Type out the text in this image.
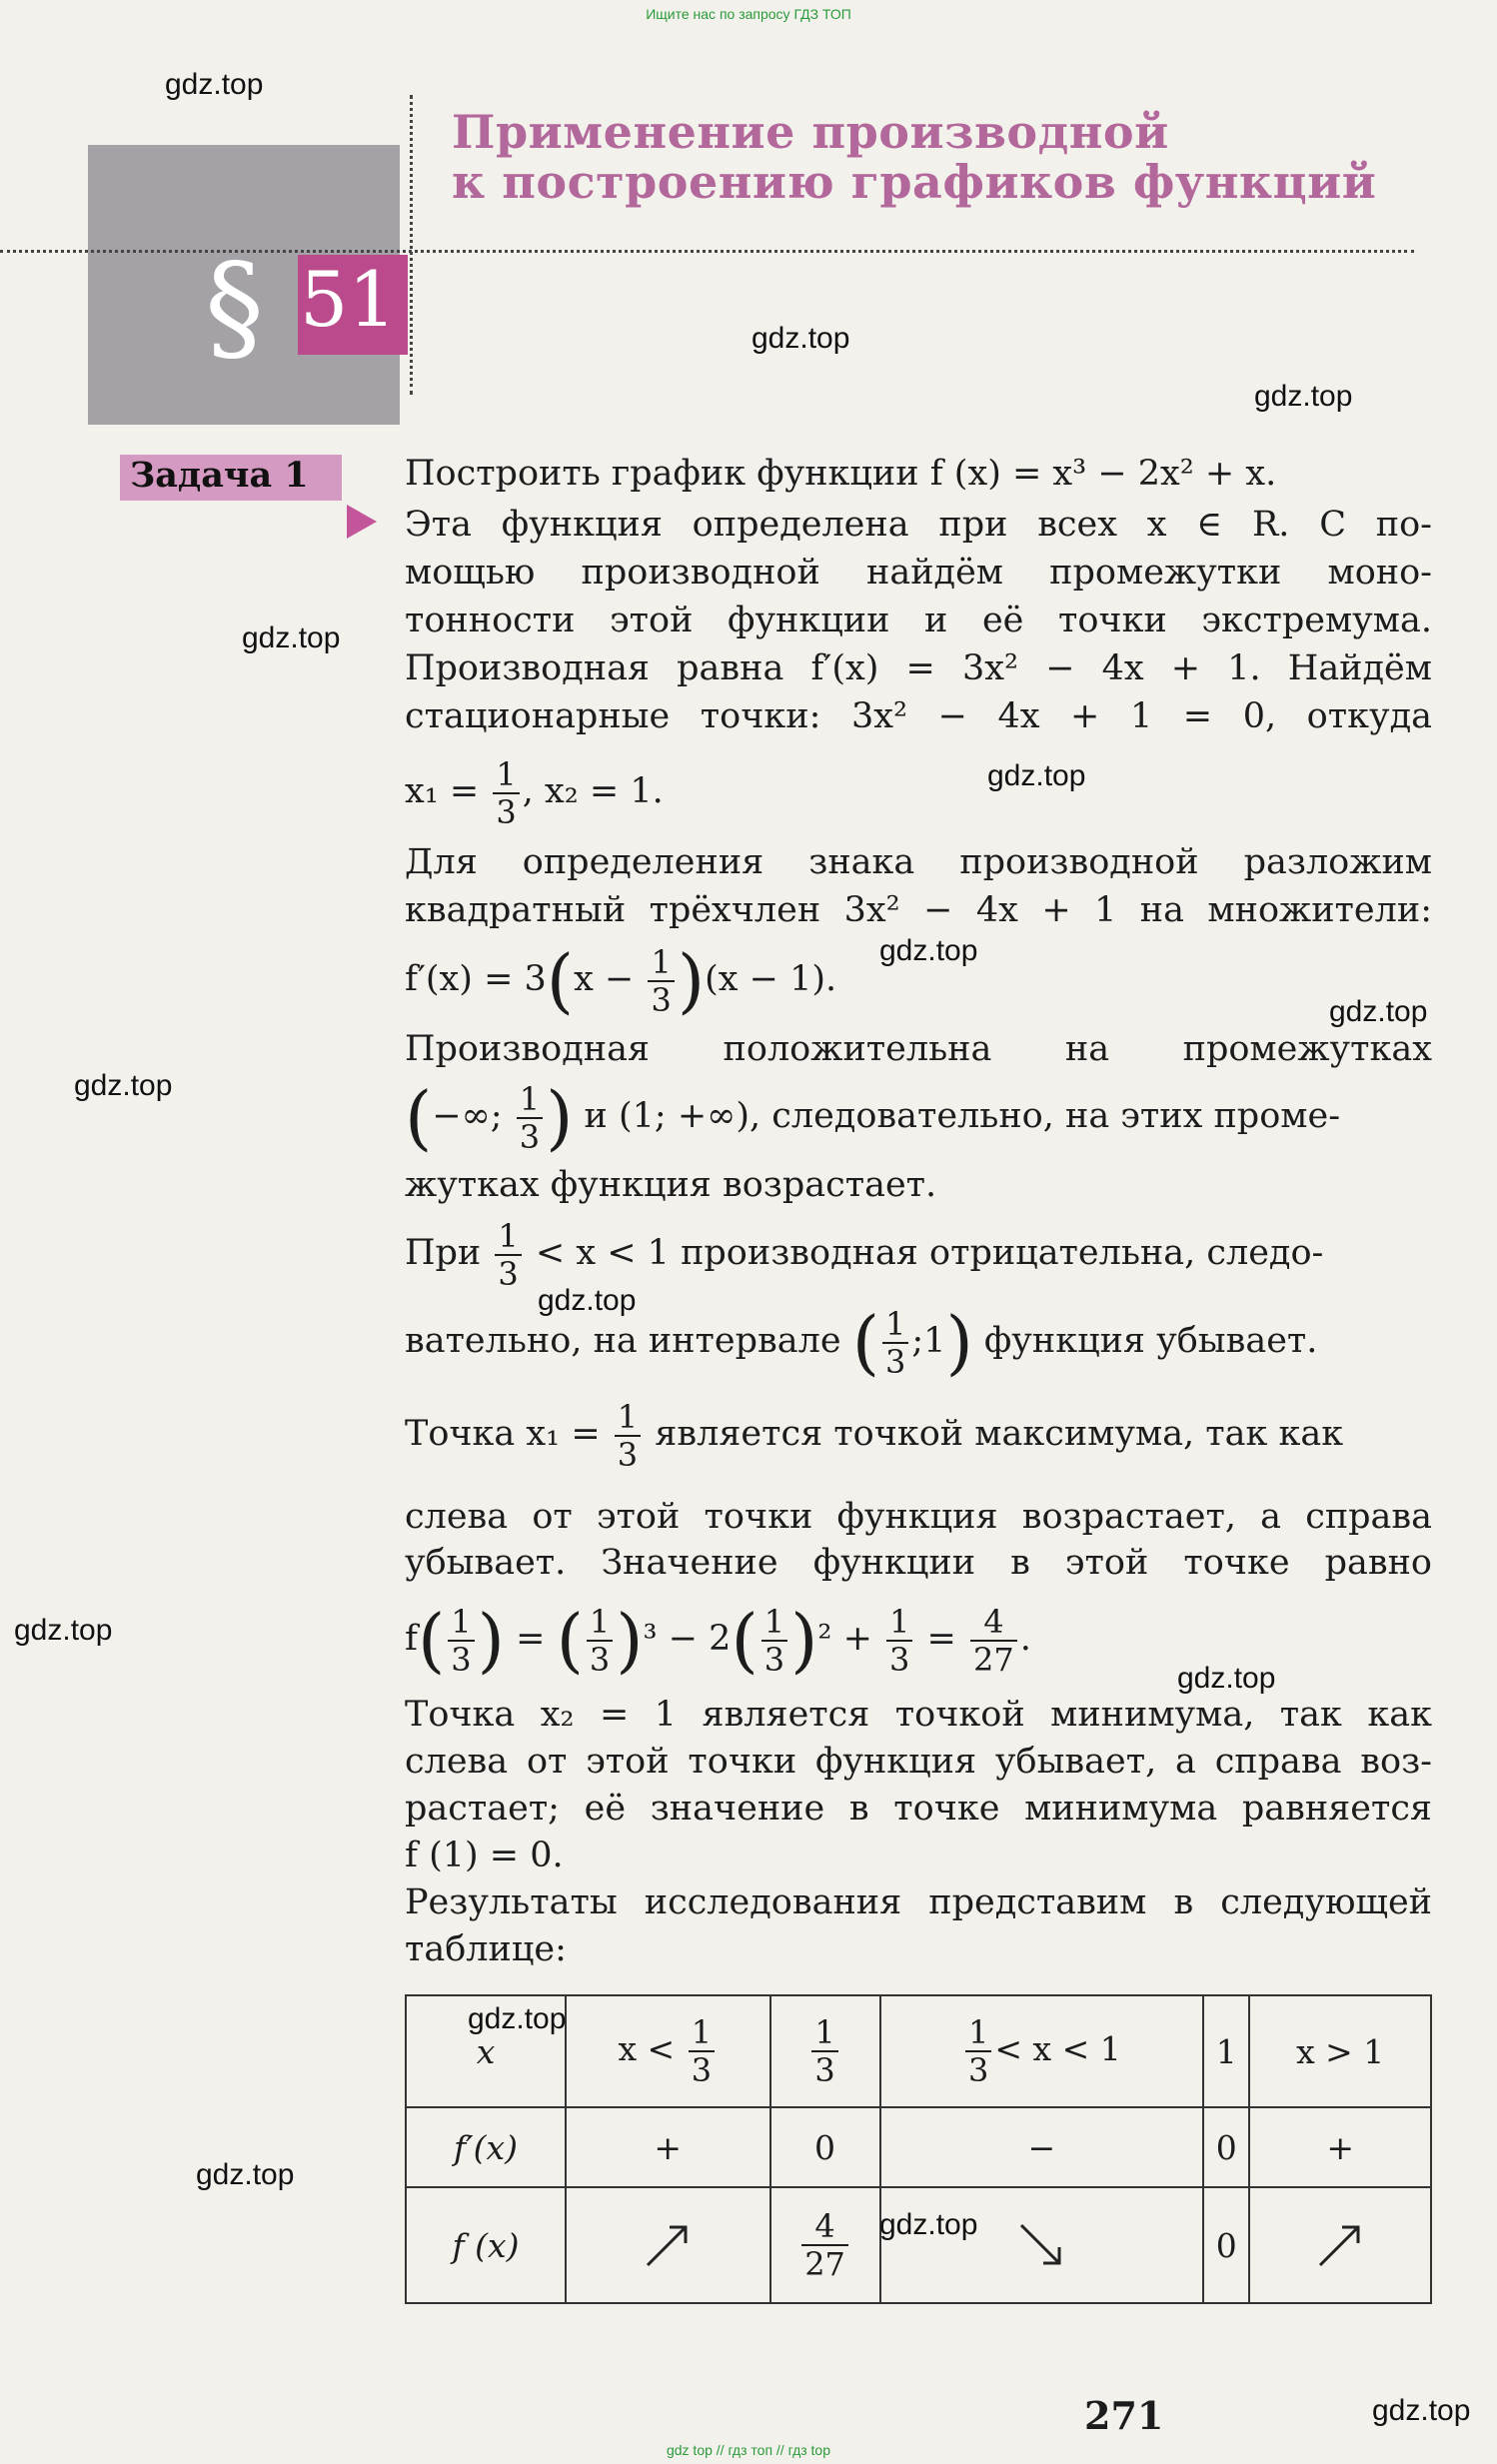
Ищите нас по запросу ГДЗ ТОП
§ 51
Применение производной
к построению графиков функций
Задача 1	Построить график функции f (x) = x³ − 2x² + x.
Эта функция определена при всех x ∈ R. С по-
мощью производной найдём промежутки моно-
тонности этой функции и её точки экстремума.
Производная равна f′(x) = 3x² − 4x + 1. Найдём
стационарные точки: 3x² − 4x + 1 = 0, откуда
$x_1 = \frac{1}{3}$ , x₂ = 1.
Для определения знака производной разложим
квадратный трёхчлен 3x² − 4x + 1 на множители:
$f'(x) = 3(x - \frac{1}{3} )(x - 1)$.
Производная положительна на промежутках
(−∞; $\frac{1}{3}$ ) и (1; +∞), следовательно, на этих проме-
жутках функция возрастает.
При $\frac{1}{3} < x < 1$ производная отрицательна, следо-
вательно, на интервале ( $\frac{1}{3}$ ;1) функция убывает.
Точка $x_1 = \frac{1}{3}$ является точкой максимума, так как
слева от этой точки функция возрастает, а справа
убывает. Значение функции в этой точке равно
$f( \frac{1}{3}$ ) = ( $\frac{1}{3} )^3 - 2( \frac{1}{3} )^2 + \frac{1}{3} = \frac{4}{27}$ .
Точка x₂ = 1 является точкой минимума, так как
слева от этой точки функция убывает, а справа воз-
растает; её значение в точке минимума равняется
f (1) = 0.
Результаты исследования представим в следующей
таблице:
x	$x < \frac{1}{3}$	$\frac{1}{3}$	$\frac{1}{3} < x < 1$	1	x > 1
f′(x)	+	0	−	0	+
f (x)		$\frac{4}{27}$		0	
271
gdz.top
gdz.top
gdz.top
gdz.top
gdz.top
gdz.top
gdz.top
gdz.top
gdz.top
gdz.top
gdz.top
gdz.top
gdz.top
gdz.top
gdz.top
gdz top // гдз топ // гдз top
